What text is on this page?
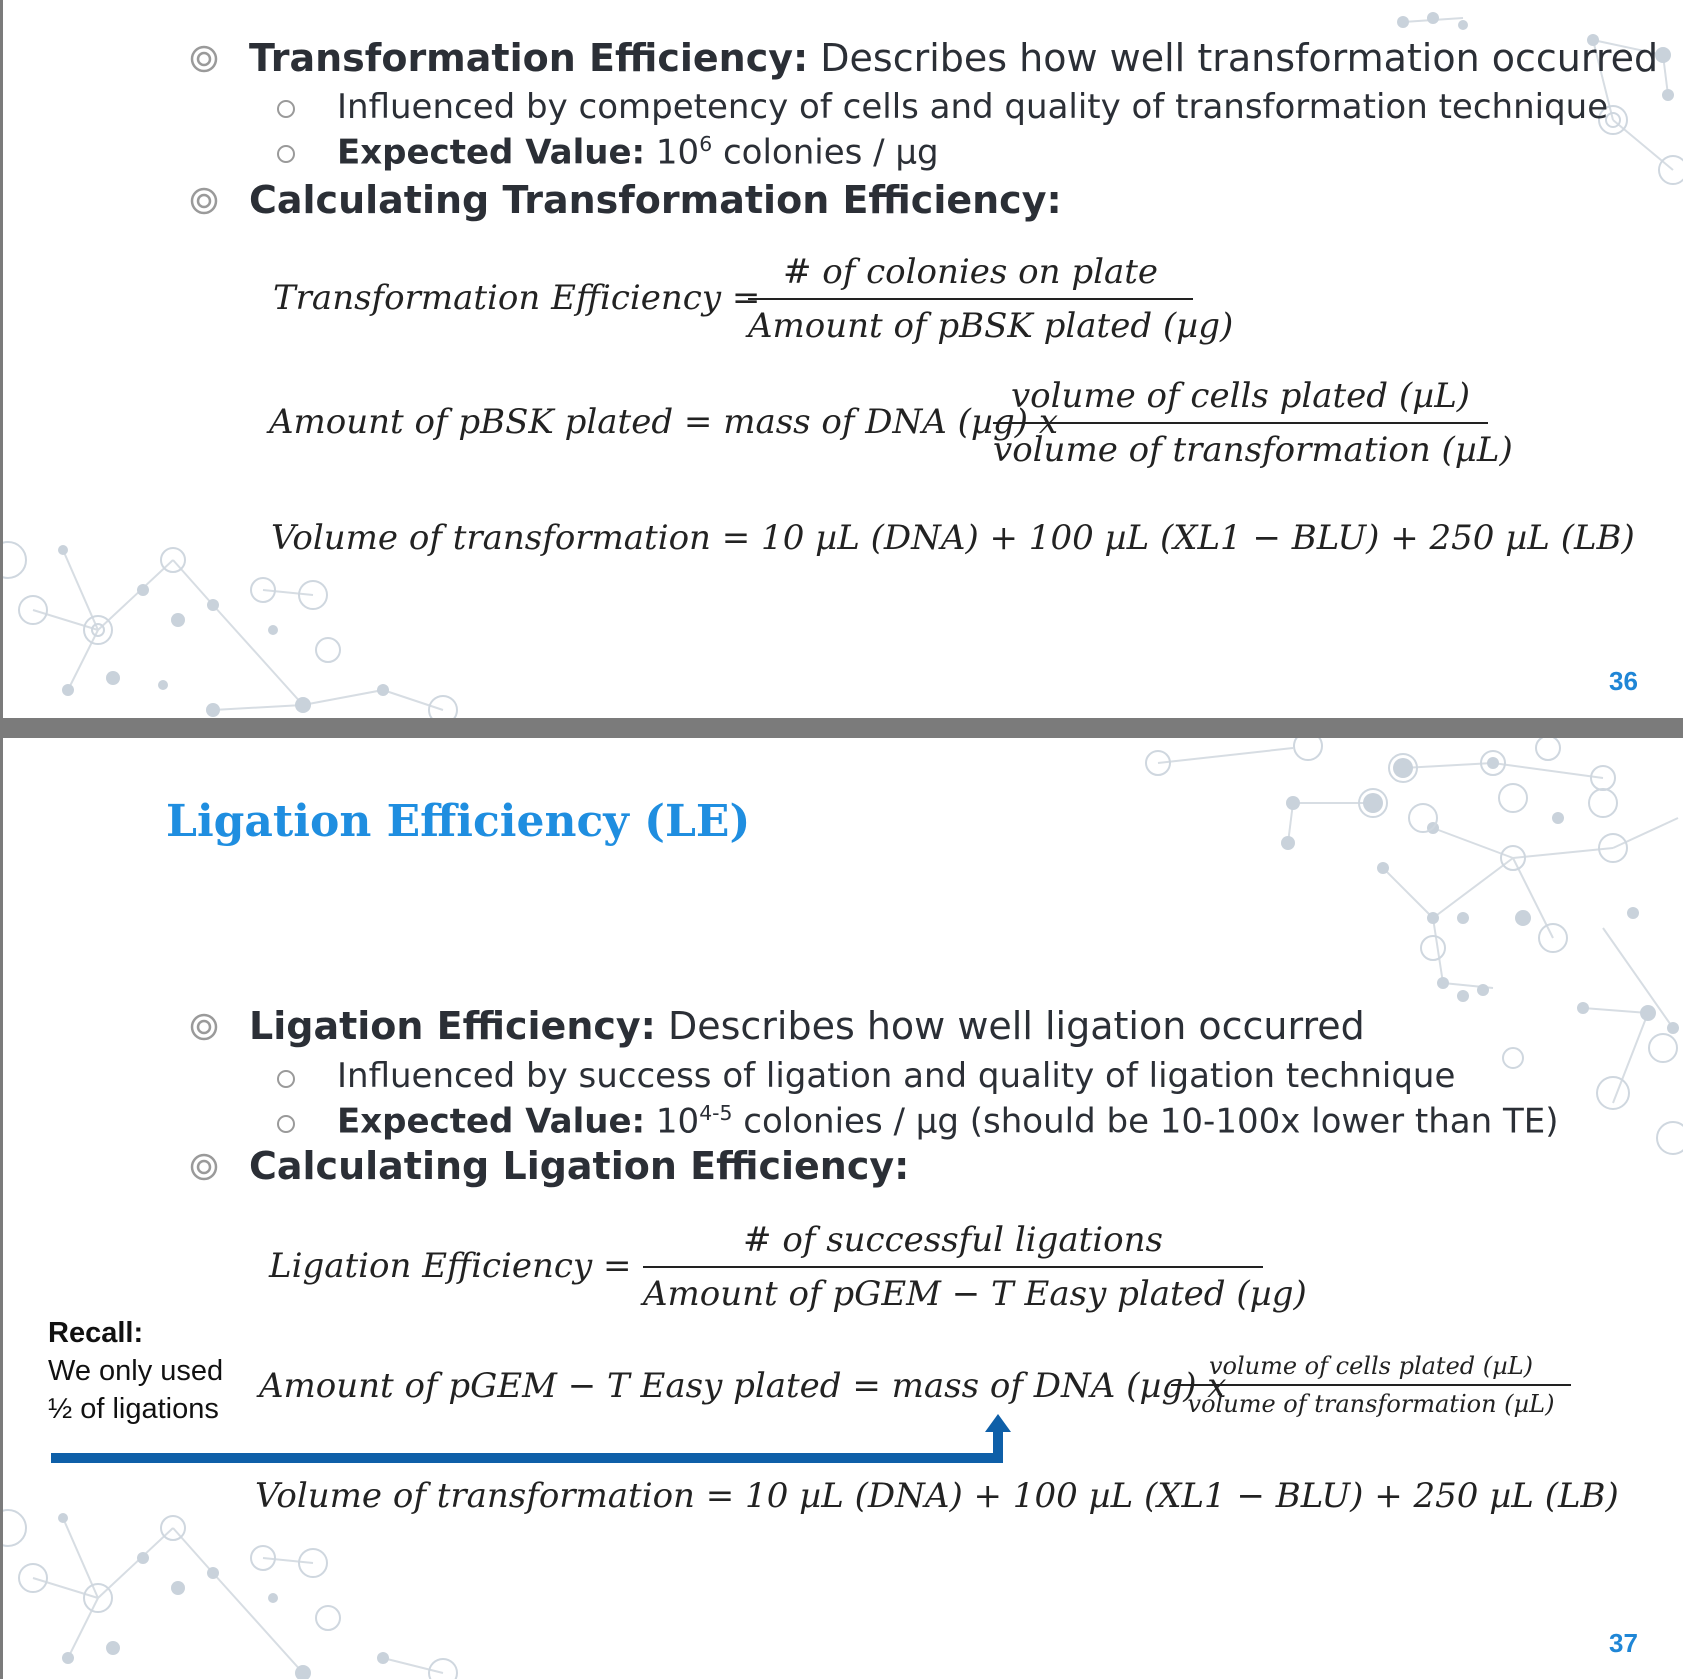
Transformation Efficiency: Describes how well transformation occurred
Influenced by competency of cells and quality of transformation technique
Expected Value: $10^6$ colonies / µg
Calculating Transformation Efficiency:
Transformation Efficiency =
# of colonies on plate
Amount of pBSK plated (µg)
Amount of pBSK plated = mass of DNA (µg) x
volume of cells plated (µL)
volume of transformation (µL)
Volume of transformation = 10 µL (DNA) + 100 µL (XL1 − BLU) + 250 µL (LB)
36
Ligation Efficiency (LE)
Ligation Efficiency: Describes how well ligation occurred
Influenced by success of ligation and quality of ligation technique
Expected Value: 10$^{4-5}$ colonies / µg (should be 10-100x lower than TE)
Calculating Ligation Efficiency:
Ligation Efficiency =
# of successful ligations
Amount of pGEM − T Easy plated (µg)
Recall:
We only used
½ of ligations
Amount of pGEM − T Easy plated = mass of DNA (µg) x
volume of cells plated (µL)
volume of transformation (µL)
Volume of transformation = 10 µL (DNA) + 100 µL (XL1 − BLU) + 250 µL (LB)
37
